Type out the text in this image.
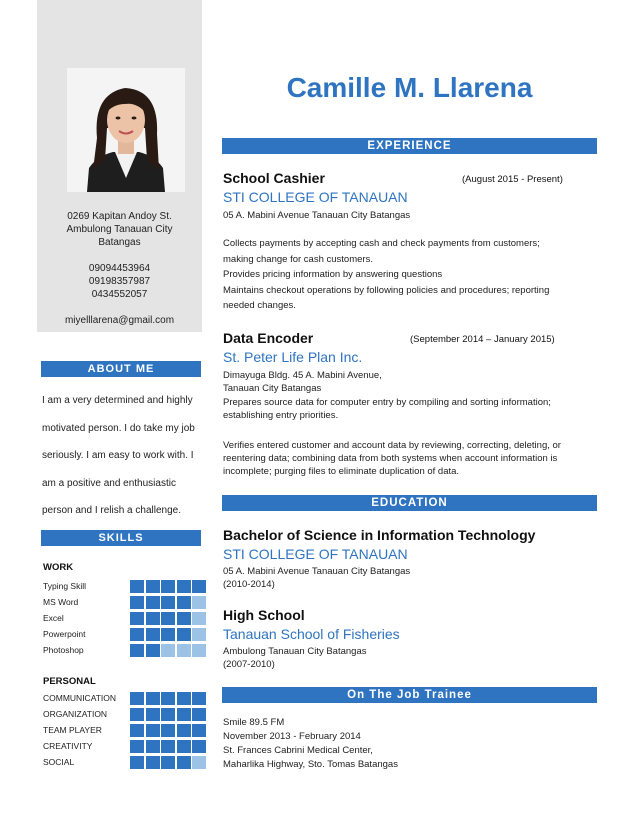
0269 Kapitan Andoy St.
Ambulong Tanauan City
Batangas
09094453964
09198357987
0434552057
miyelllarena@gmail.com
ABOUT ME
I am a very determined and highly
motivated person. I do take my job
seriously. I am easy to work with. I
am a positive and enthusiastic
person and I relish a challenge.
SKILLS
WORK
Typing Skill
MS Word
Excel
Powerpoint
Photoshop
PERSONAL
COMMUNICATION
ORGANIZATION
TEAM PLAYER
CREATIVITY
SOCIAL
Camille M. Llarena
EXPERIENCE
School Cashier	(August 2015 - Present)
STI COLLEGE OF TANAUAN
05 A. Mabini Avenue Tanauan City Batangas
Collects payments by accepting cash and check payments from customers;
making change for cash customers.
Provides pricing information by answering questions
Maintains checkout operations by following policies and procedures; reporting
needed changes.
Data Encoder	(September 2014 – January 2015)
St. Peter Life Plan Inc.
Dimayuga Bldg. 45 A. Mabini Avenue,
Tanauan City Batangas
Prepares source data for computer entry by compiling and sorting information;
establishing entry priorities.
Verifies entered customer and account data by reviewing, correcting, deleting, or
reentering data; combining data from both systems when account information is
incomplete; purging files to eliminate duplication of data.
EDUCATION
Bachelor of Science in Information Technology
STI COLLEGE OF TANAUAN
05 A. Mabini Avenue Tanauan City Batangas
(2010-2014)
High School
Tanauan School of Fisheries
Ambulong Tanauan City Batangas
(2007-2010)
On The Job Trainee
Smile 89.5 FM
November 2013 - February 2014
St. Frances Cabrini Medical Center,
Maharlika Highway, Sto. Tomas Batangas
